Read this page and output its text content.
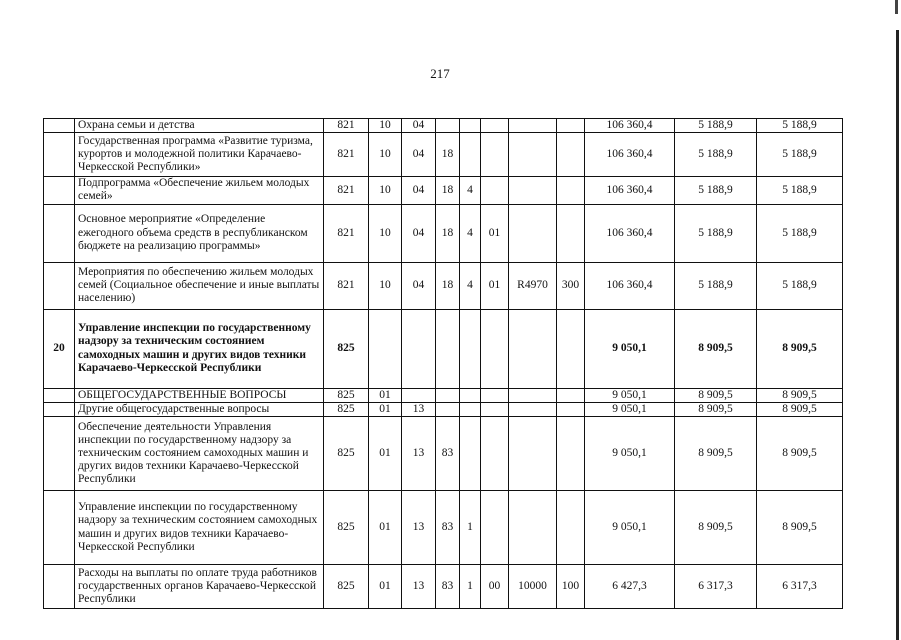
217
	Охрана семьи и детства	821	10	04						106 360,4	5 188,9	5 188,9
	Государственная программа «Развитие туризма, курортов и молодежной политики Карачаево-Черкесской Республики»	821	10	04	18					106 360,4	5 188,9	5 188,9
	Подпрограмма «Обеспечение жильем молодых семей»	821	10	04	18	4				106 360,4	5 188,9	5 188,9
	Основное мероприятие «Определение ежегодного объема средств в республиканском бюджете на реализацию программы»	821	10	04	18	4	01			106 360,4	5 188,9	5 188,9
	Мероприятия по обеспечению жильем молодых семей (Социальное обеспечение и иные выплаты населению)	821	10	04	18	4	01	R4970	300	106 360,4	5 188,9	5 188,9
20	Управление инспекции по государственному надзору за техническим состоянием самоходных машин и других видов техники Карачаево-Черкесской Республики	825								9 050,1	8 909,5	8 909,5
	ОБЩЕГОСУДАРСТВЕННЫЕ ВОПРОСЫ	825	01							9 050,1	8 909,5	8 909,5
	Другие общегосударственные вопросы	825	01	13						9 050,1	8 909,5	8 909,5
	Обеспечение деятельности Управления инспекции по государственному надзору за техническим состоянием самоходных машин и других видов техники Карачаево-Черкесской Республики	825	01	13	83					9 050,1	8 909,5	8 909,5
	Управление инспекции по государственному надзору за техническим состоянием самоходных машин и других видов техники Карачаево-Черкесской Республики	825	01	13	83	1				9 050,1	8 909,5	8 909,5
	Расходы на выплаты по оплате труда работников государственных органов Карачаево-Черкесской Республики	825	01	13	83	1	00	10000	100	6 427,3	6 317,3	6 317,3
